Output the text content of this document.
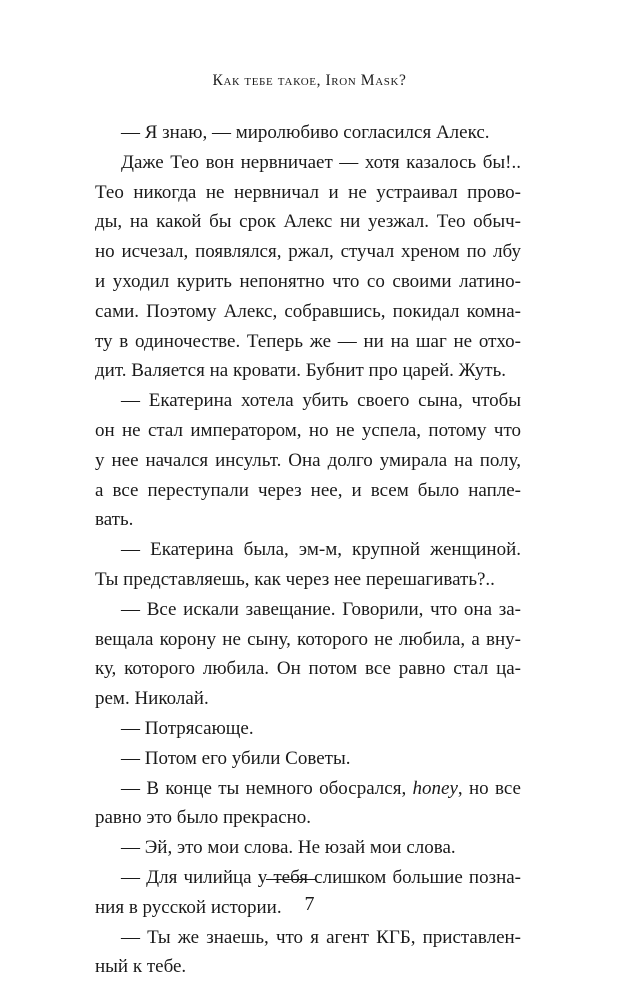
Как тебе такое, Iron Mask?
— Я знаю, — миролюбиво согласился Алекс.
Даже Тео вон нервничает — хотя казалось бы!..
Тео никогда не нервничал и не устраивал прово-
ды, на какой бы срок Алекс ни уезжал. Тео обыч-
но исчезал, появлялся, ржал, стучал хреном по лбу
и уходил курить непонятно что со своими латино-
сами. Поэтому Алекс, собравшись, покидал комна-
ту в одиночестве. Теперь же — ни на шаг не отхо-
дит. Валяется на кровати. Бубнит про царей. Жуть.
— Екатерина хотела убить своего сына, чтобы
он не стал императором, но не успела, потому что
у нее начался инсульт. Она долго умирала на полу,
а все переступали через нее, и всем было напле-
вать.
— Екатерина была, эм-м, крупной женщиной.
Ты представляешь, как через нее перешагивать?..
— Все искали завещание. Говорили, что она за-
вещала корону не сыну, которого не любила, а вну-
ку, которого любила. Он потом все равно стал ца-
рем. Николай.
— Потрясающе.
— Потом его убили Советы.
— В конце ты немного обосрался, honey, но все
равно это было прекрасно.
— Эй, это мои слова. Не юзай мои слова.
— Для чилийца у тебя слишком большие позна-
ния в русской истории.
— Ты же знаешь, что я агент КГБ, приставлен-
ный к тебе.
7
